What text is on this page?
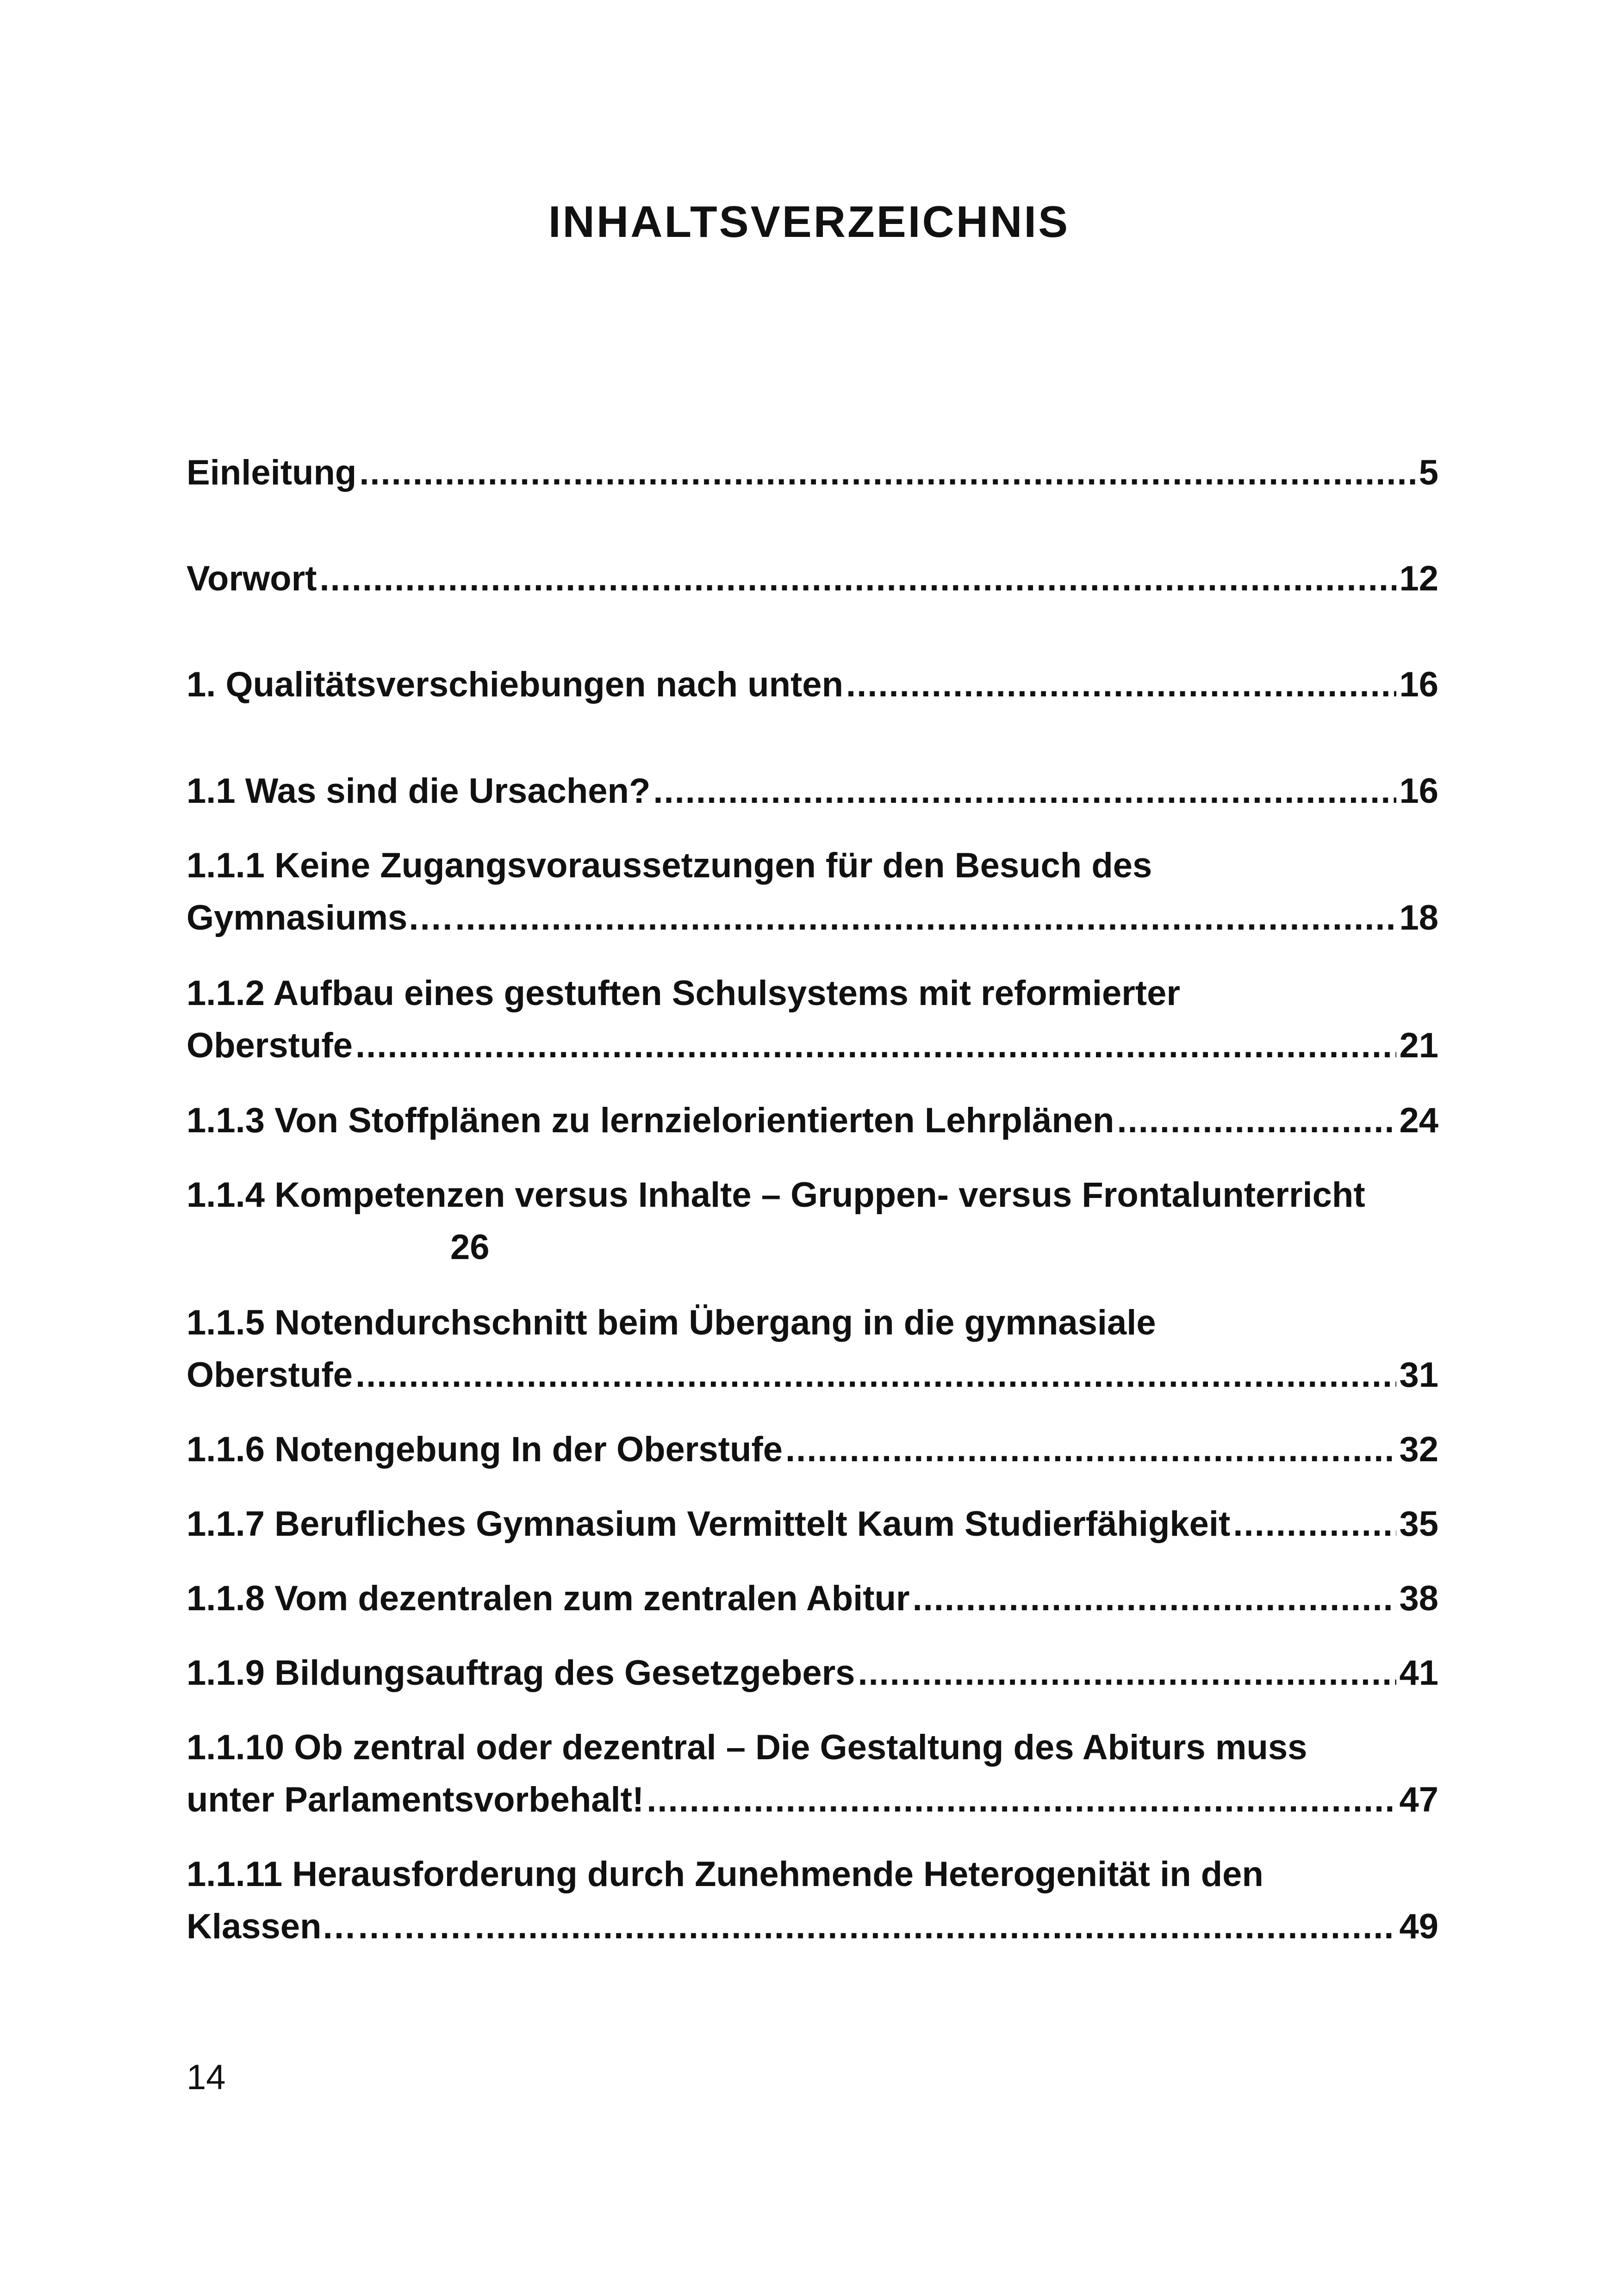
INHALTSVERZEICHNIS
Einleitung .....	5
Vorwort .....	12
1. Qualitätsverschiebungen nach unten .....	16
1.1 Was sind die Ursachen? .....	16
1.1.1 Keine Zugangsvoraussetzungen für den Besuch des
Gymnasiums…. .....	18
1.1.2 Aufbau eines gestuften Schulsystems mit reformierter
Oberstufe .....	21
1.1.3 Von Stoffplänen zu lernzielorientierten Lehrplänen .....	24
1.1.4 Kompetenzen versus Inhalte – Gruppen- versus Frontalunterricht
26
1.1.5 Notendurchschnitt beim Übergang in die gymnasiale
Oberstufe .....	31
1.1.6 Notengebung In der Oberstufe .....	32
1.1.7 Berufliches Gymnasium Vermittelt Kaum Studierfähigkeit .....	35
1.1.8 Vom dezentralen zum zentralen Abitur .....	38
1.1.9 Bildungsauftrag des Gesetzgebers .....	41
1.1.10 Ob zentral oder dezentral – Die Gestaltung des Abiturs muss
unter Parlamentsvorbehalt! .....	47
1.1.11 Herausforderung durch Zunehmende Heterogenität in den
Klassen…………. .....	49
14
